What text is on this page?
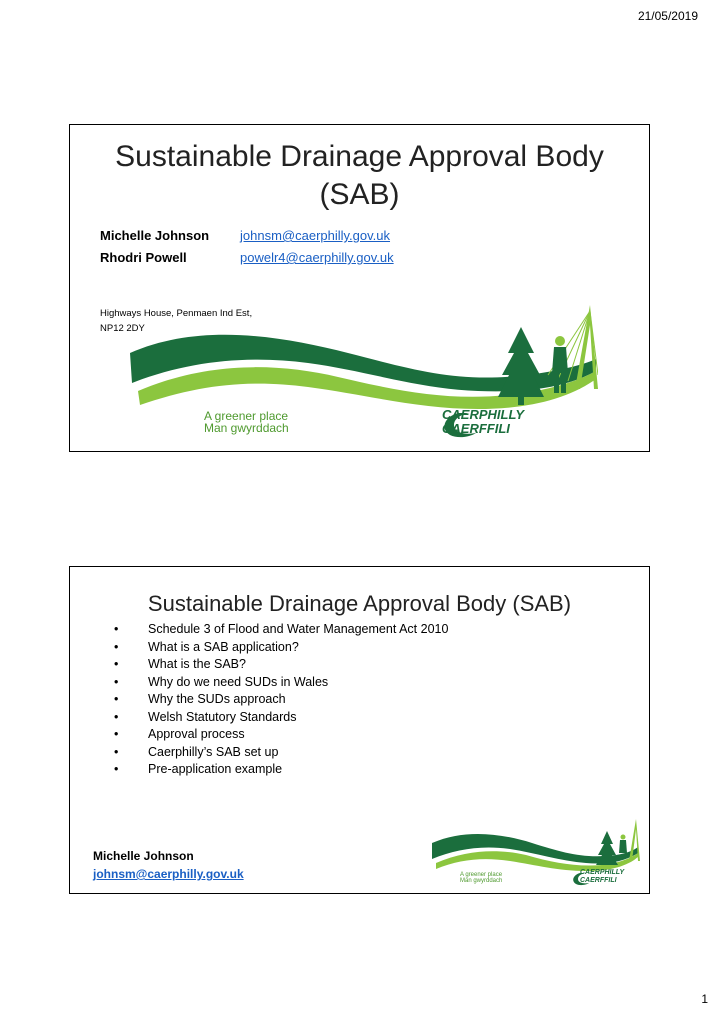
21/05/2019
Sustainable Drainage Approval Body
(SAB)
Michelle Johnson	johnsm@caerphilly.gov.uk
Rhodri Powell	powelr4@caerphilly.gov.uk
Highways House, Penmaen Ind Est,
NP12 2DY
A greener place
Man gwyrddach
CAERPHILLY
CAERFFILI
Sustainable Drainage Approval Body (SAB)
•	Schedule 3 of Flood and Water Management Act 2010
•	What is a SAB application?
•	What is the SAB?
•	Why do we need SUDs in Wales
•	Why the SUDs approach
•	Welsh Statutory Standards
•	Approval process
•	Caerphilly’s SAB set up
•	Pre-application example
Michelle Johnson
johnsm@caerphilly.gov.uk	A greener place
Man gwyrddach
CAERPHILLY
CAERFFILI
1
